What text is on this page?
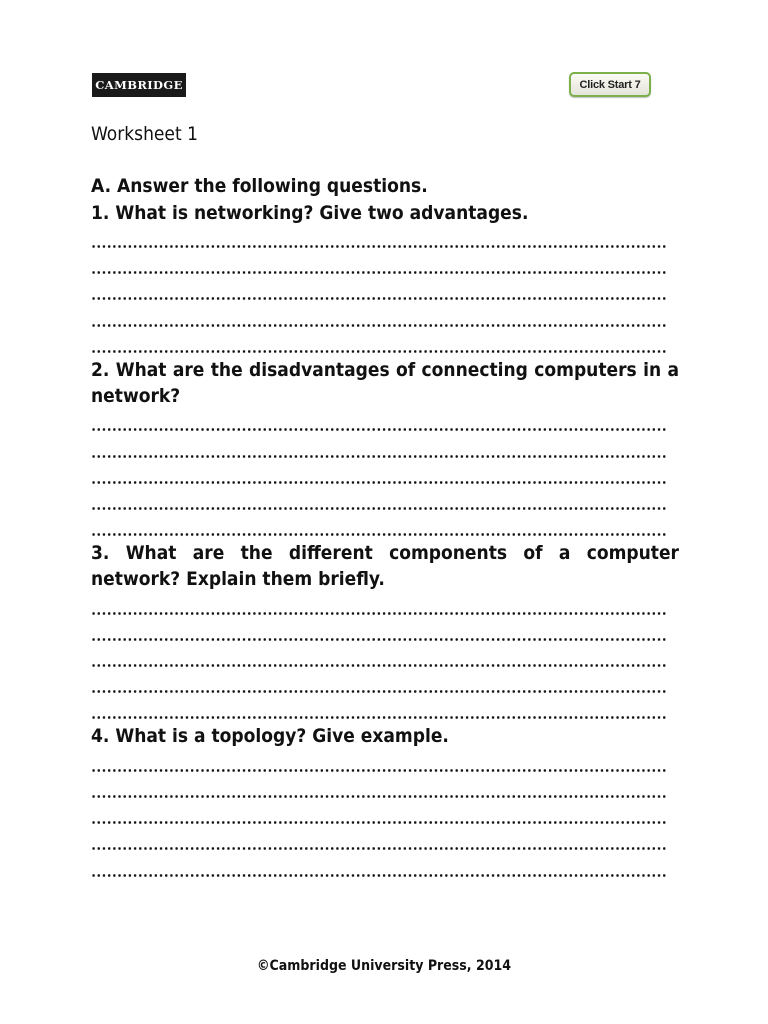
CAMBRIDGE	Click Start 7
Worksheet 1
A. Answer the following questions.
1. What is networking? Give two advantages.
2. What are the disadvantages of connecting computers in a network?
3. What are the different components of a computer network? Explain them briefly.
4. What is a topology? Give example.
©Cambridge University Press, 2014
